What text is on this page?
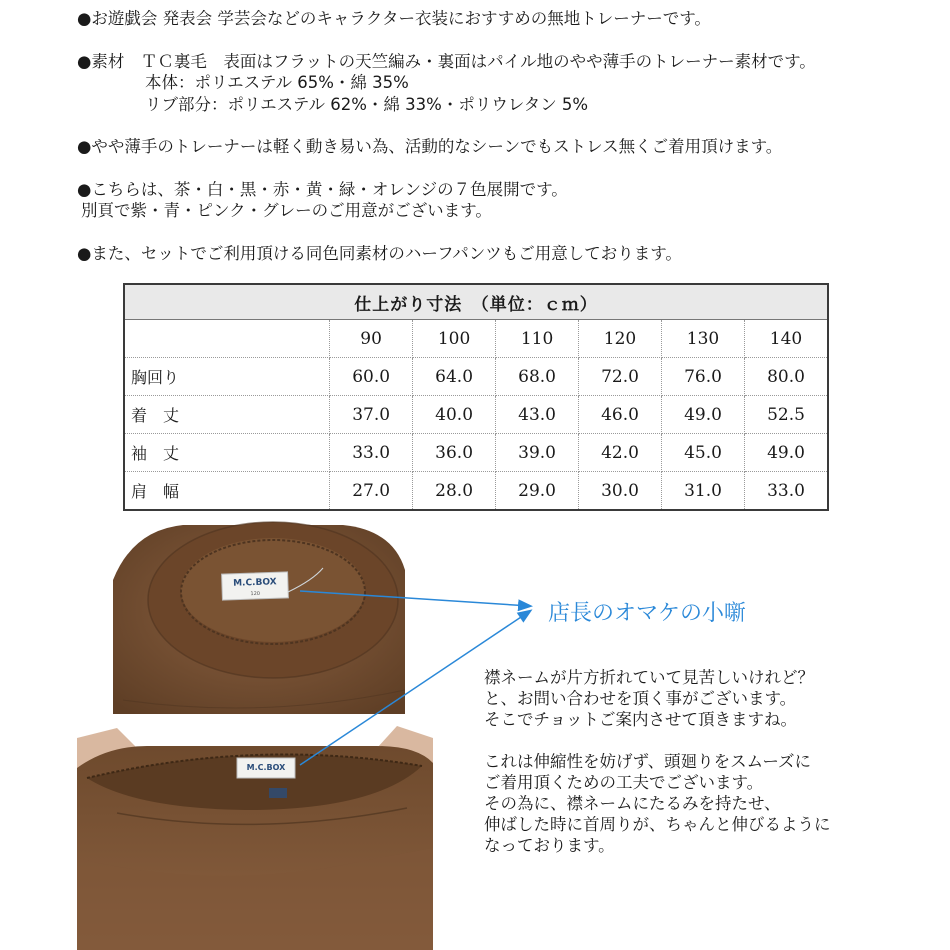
●お遊戯会 発表会 学芸会などのキャラクター衣装におすすめの無地トレーナーです。
●素材　ＴＣ裏毛　表面はフラットの天竺編み・裏面はパイル地のやや薄手のトレーナー素材です。
本体：ポリエステル 65%・綿 35%
リブ部分：ポリエステル 62%・綿 33%・ポリウレタン 5%
●やや薄手のトレーナーは軽く動き易い為、活動的なシーンでもストレス無くご着用頂けます。
●こちらは、茶・白・黒・赤・黄・緑・オレンジの７色展開です。
別頁で紫・青・ピンク・グレーのご用意がございます。
●また、セットでご利用頂ける同色同素材のハーフパンツもご用意しております。
仕上がり寸法　（単位：ｃｍ）						
	90	100	110	120	130	140
胸回り	60.0	64.0	68.0	72.0	76.0	80.0
着　丈	37.0	40.0	43.0	46.0	49.0	52.5
袖　丈	33.0	36.0	39.0	42.0	45.0	49.0
肩　幅	27.0	28.0	29.0	30.0	31.0	33.0
M.C.BOX
120
M.C.BOX
店長のオマケの小噺
襟ネームが片方折れていて見苦しいけれど？
と、お問い合わせを頂く事がございます。
そこでチョットご案内させて頂きますね。
これは伸縮性を妨げず、頭廻りをスムーズに
ご着用頂くための工夫でございます。
その為に、襟ネームにたるみを持たせ、
伸ばした時に首周りが、ちゃんと伸びるように
なっております。
